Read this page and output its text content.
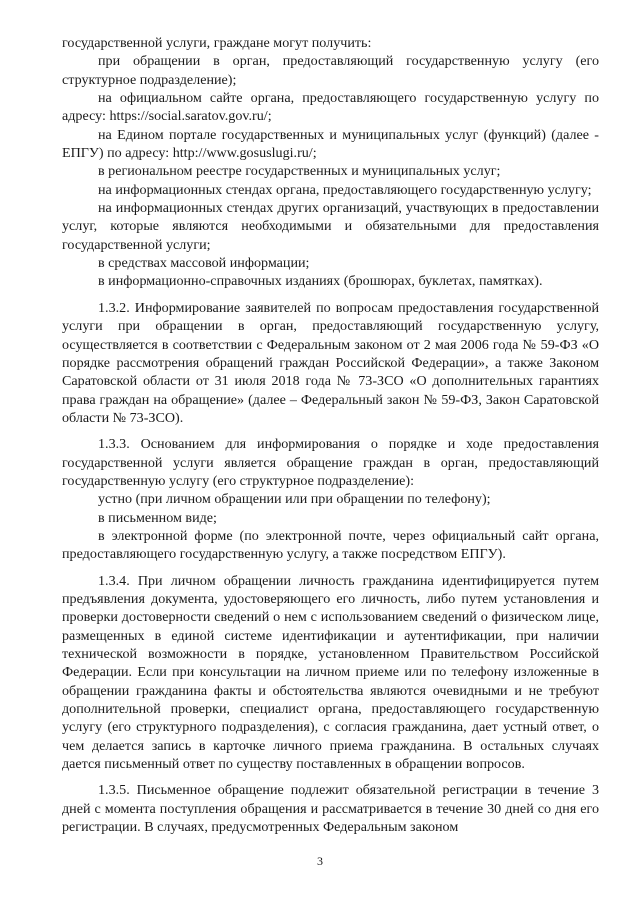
государственной услуги, граждане могут получить:

при обращении в орган, предоставляющий государственную услугу (его структурное подразделение);

на официальном сайте органа, предоставляющего государственную услугу по адресу: https://social.saratov.gov.ru/;

на Едином портале государственных и муниципальных услуг (функций) (далее - ЕПГУ) по адресу: http://www.gosuslugi.ru/;

в региональном реестре государственных и муниципальных услуг;

на информационных стендах органа, предоставляющего государственную услугу;

на информационных стендах других организаций, участвующих в предоставлении услуг, которые являются необходимыми и обязательными для предоставления государственной услуги;

в средствах массовой информации;

в информационно-справочных изданиях (брошюрах, буклетах, памятках).

1.3.2. Информирование заявителей по вопросам предоставления государственной услуги при обращении в орган, предоставляющий государственную услугу, осуществляется в соответствии с Федеральным законом от 2 мая 2006 года № 59-ФЗ «О порядке рассмотрения обращений граждан Российской Федерации», а также Законом Саратовской области от 31 июля 2018 года № 73-ЗСО «О дополнительных гарантиях права граждан на обращение» (далее – Федеральный закон № 59-ФЗ, Закон Саратовской области № 73-ЗСО).

1.3.3. Основанием для информирования о порядке и ходе предоставления государственной услуги является обращение граждан в орган, предоставляющий государственную услугу (его структурное подразделение):

устно (при личном обращении или при обращении по телефону);

в письменном виде;

в электронной форме (по электронной почте, через официальный сайт органа, предоставляющего государственную услугу, а также посредством ЕПГУ).

1.3.4. При личном обращении личность гражданина идентифицируется путем предъявления документа, удостоверяющего его личность, либо путем установления и проверки достоверности сведений о нем с использованием сведений о физическом лице, размещенных в единой системе идентификации и аутентификации, при наличии технической возможности в порядке, установленном Правительством Российской Федерации. Если при консультации на личном приеме или по телефону изложенные в обращении гражданина факты и обстоятельства являются очевидными и не требуют дополнительной проверки, специалист органа, предоставляющего государственную услугу (его структурного подразделения), с согласия гражданина, дает устный ответ, о чем делается запись в карточке личного приема гражданина. В остальных случаях дается письменный ответ по существу поставленных в обращении вопросов.

1.3.5. Письменное обращение подлежит обязательной регистрации в течение 3 дней с момента поступления обращения и рассматривается в течение 30 дней со дня его регистрации. В случаях, предусмотренных Федеральным законом

3
